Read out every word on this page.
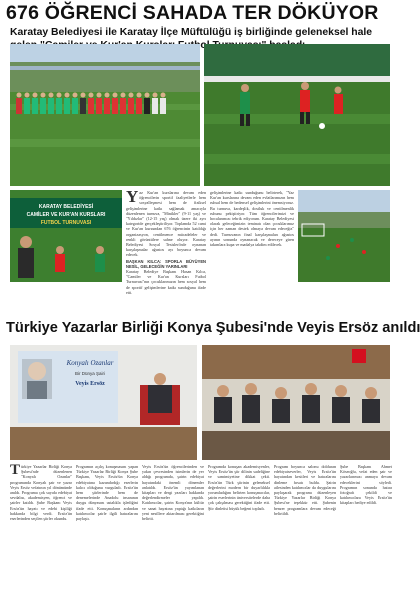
676 ÖĞRENCİ SAHADA TER DÖKÜYOR
Karatay Belediyesi ile Karatay İlçe Müftülüğü iş birliğinde geleneksel hale
KARATAY BELEDİYESİ
CAMİLER VE KUR'AN KURSLARI
FUTBOL TURNUVASI
Yaz Kur'an kurslarına devam eden öğrencilerin sportif faaliyetlerle hem sosyalleşmesi hem de fiziksel gelişimlerine katkı sağlamak amacıyla düzenlenen turnuva, "Minikler" (9-11 yaş) ve "Yıldızlar" (12-15 yaş) olmak üzere iki ayrı kategoride gerçekleştiriliyor. Toplamda 52 cami ve Kur'an kursundan 676 öğrencinin katıldığı organizasyon, centilmence mücadeleler ve renkli görüntülere sahne oluyor. Karatay Belediyesi Sosyal Tesisleri'nde oynanan karşılaşmalar ağustos ayı boyunca devam edecek.
BAŞKAN KILCA: SPORLA BÜYÜYEN NESİL, GELECEĞİN YARINLARI
Karatay Belediye Başkanı Hasan Kılca, "Camiler ve Kur'an Kursları Futbol Turnuvası"nın çocuklarımızın hem sosyal hem de sportif gelişimlerine katkı sunduğunu ifade etti.
gelişimlerine katkı sunduğunu belirterek, "Yaz Kur'an kurslarına devam eden evlatlarımızın hem ruhsal hem de bedensel gelişimlerini önemsiyoruz. Bu turnuva, kardeşlik, dostluk ve centilmenlik ruhunu pekiştiriyor. Tüm öğrencilerimizi ve hocalarımızı tebrik ediyorum. Karatay Belediyesi olarak geleceğimizin teminatı olan çocuklarımız için her zaman destek olmaya devam edeceğiz" dedi. Turnuvanın final karşılaşmaları ağustos ayının sonunda oynanacak ve dereceye giren takımlara kupa ve madalya takdim edilecek.
Türkiye Yazarlar Birliği Konya Şubesi'nde Veyis Ersöz anıldı
Konyalı Ozanlar
Bir Dünya Şairi
Veyis Ersöz
Türkiye Yazarlar Birliği Konya Şubesi'nde düzenlenen "Konyalı Ozanlar" programında Konyalı şair ve yazar Veyis Ersöz vefatının yıl dönümünde anıldı. Programa çok sayıda edebiyat sevdalısı, akademisyen, öğrenci ve şairler katıldı. Şube Başkanı Veyis Ersöz'ün hayatı ve edebi kişiliği hakkında bilgi verdi. Ersöz'ün eserlerinden seçilen şiirler okundu.
Programın açılış konuşmasını yapan Türkiye Yazarlar Birliği Konya Şube Başkanı, Veyis Ersöz'ün Konya edebiyatına kazandırdığı eserlerin kalıcı olduğunu vurguladı. Ersöz'ün hem şiirlerinde hem de denemelerinde Anadolu insanının duygu dünyasını ustalıkla işlediğini ifade etti. Konuşmaların ardından katılımcılar şairle ilgili hatıralarını paylaştı.
Veyis Ersöz'ün öğrencilerinden ve yakın çevresinden isimlerin de yer aldığı programda, şairin edebiyat hayatındaki önemli dönemler anlatıldı. Ersöz'ün yayımlanan kitapları ve dergi yazıları hakkında değerlendirmeler yapıldı. Katılımcılar, şairin Konya'nın kültür ve sanat hayatına yaptığı katkıların yeni nesillere aktarılması gerektiğini belirtti.
Programda konuşan akademisyenler, Veyis Ersöz'ün şiir dilinin sadeliğine ve samimiyetine dikkat çekti. Ersöz'ün Türk şiirinin geleneksel değerlerini modern bir duyarlılıkla yorumladığını belirten konuşmacılar, şairin eserlerinin üniversitelerde daha çok çalışılması gerektiğini ifade etti. Şiir dinletisi büyük beğeni topladı.
Program boyunca salonu dolduran edebiyatseverler, Veyis Ersöz'ün hayatından kesitleri ve hatıralarını dinleme fırsatı buldu. Şairin ailesinden katılımcılar da duygularını paylaşarak programı düzenleyen Türkiye Yazarlar Birliği Konya Şubesi'ne teşekkür etti. Şubenin benzer programlara devam edeceği belirtildi.
Şube Başkanı Ahmet Köseoğlu, vefat eden şair ve yazarlarımızı anmaya devam edeceklerini söyledi. Programın sonunda hatıra fotoğrafı çekildi ve katılımcılara Veyis Ersöz'ün kitapları hediye edildi.
